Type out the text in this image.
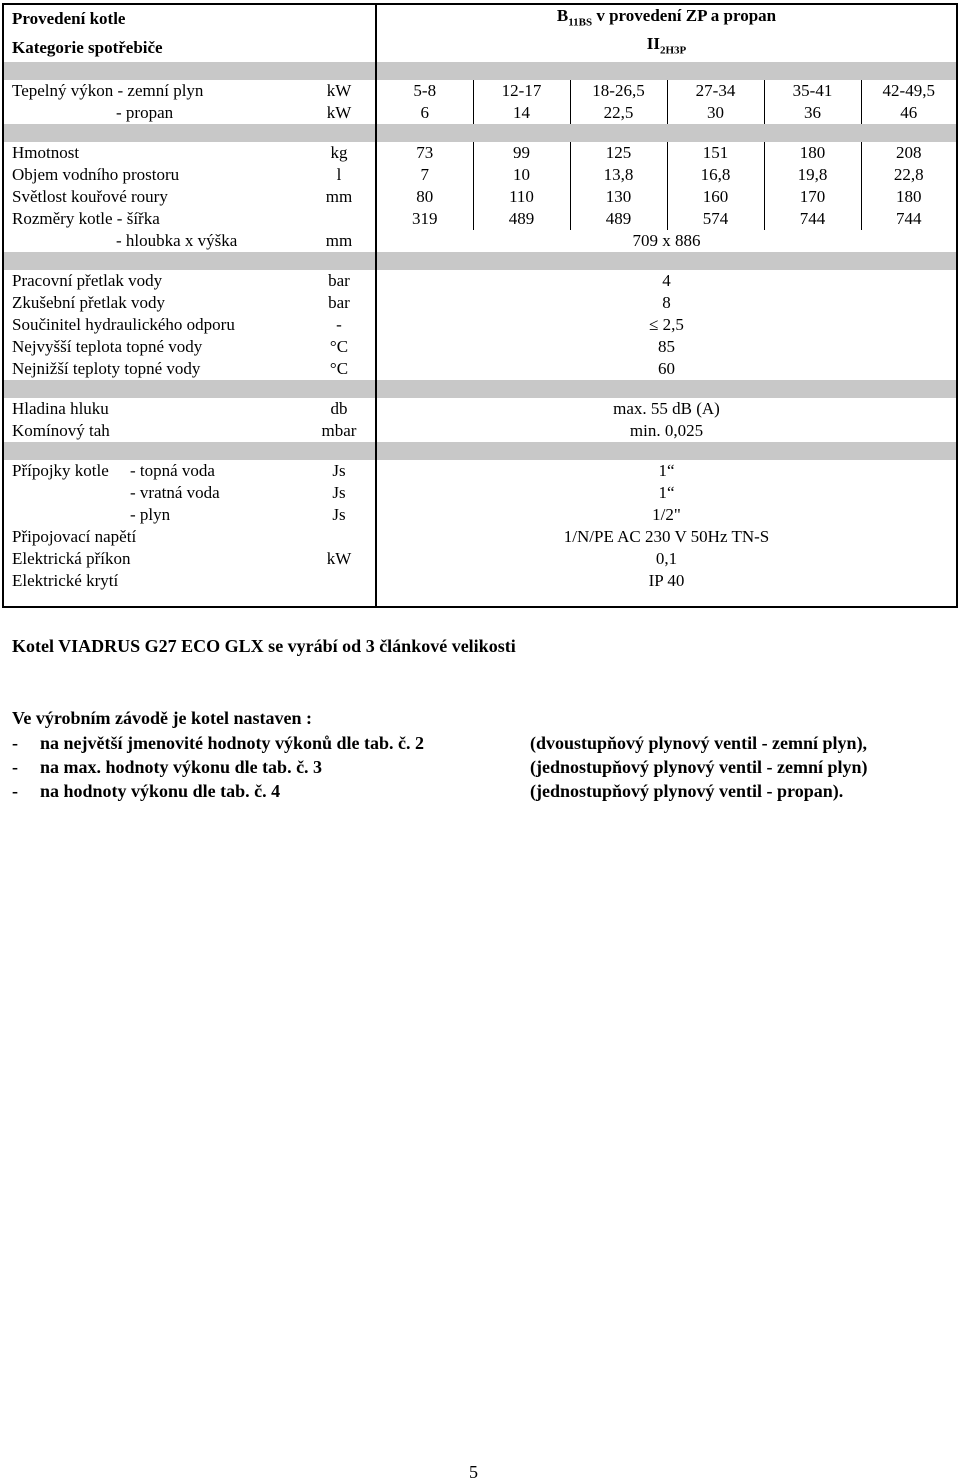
Provedení kotle		$B_{11BS}$ v provedení ZP a propan					
Kategorie spotřebiče		$II_{2H3P}$

Tepelný výkon - zemní plyn	kW	5-8	12-17	18-26,5	27-34	35-41	42-49,5
- propan	kW	6	14	22,5	30	36	46

Hmotnost	kg	73	99	125	151	180	208
Objem vodního prostoru	l	7	10	13,8	16,8	19,8	22,8
Světlost kouřové roury	mm	80	110	130	160	170	180
Rozměry kotle - šířka		319	489	489	574	744	744
- hloubka x výška	mm	709 x 886					

Pracovní přetlak vody	bar	4					
Zkušební přetlak vody	bar	8					
Součinitel hydraulického odporu	-	≤ 2,5					
Nejvyšší teplota topné vody	°C	85					
Nejnižší teploty topné vody	°C	60					

Hladina hluku	db	max. 55 dB (A)					
Komínový tah	mbar	min. 0,025					

Přípojky kotle - topná voda	Js	1“					
- vratná voda	Js	1“					
- plyn	Js	1/2"					
Připojovací napětí		1/N/PE AC 230 V 50Hz TN-S					
Elektrická příkon	kW	0,1					
Elektrické krytí		IP 40					

Kotel VIADRUS G27 ECO GLX se vyrábí od 3 článkové velikosti
Ve výrobním závodě je kotel nastaven :
- na největší jmenovité hodnoty výkonů dle tab. č. 2	(dvoustupňový plynový ventil - zemní plyn),
- na max. hodnoty výkonu dle tab. č. 3	(jednostupňový plynový ventil - zemní plyn)
- na hodnoty výkonu dle tab. č. 4	(jednostupňový plynový ventil - propan).
5
